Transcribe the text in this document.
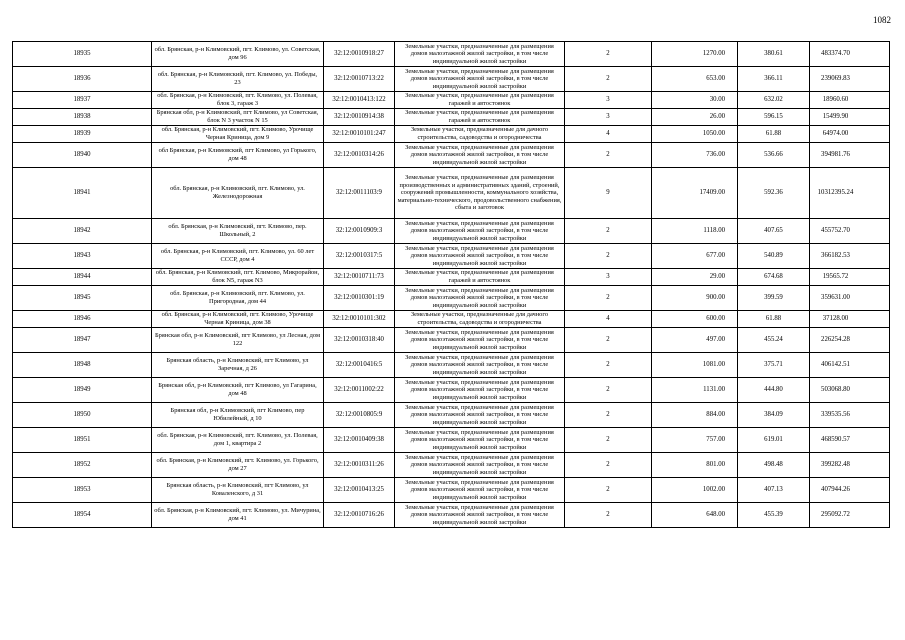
1082
18935	обл. Брянская, р-н Климовский, пгт. Климово, ул. Советская, дом 96	32:12:0010918:27	Земельные участки, предназначенные для размещения домов малоэтажной жилой застройки, в том числе индивидуальной жилой застройки	2	1270.00	380.61	483374.70
18936	обл. Брянская, р-н Климовский, пгт. Климово, ул. Победы, 23	32:12:0010713:22	Земельные участки, предназначенные для размещения домов малоэтажной жилой застройки, в том числе индивидуальной жилой застройки	2	653.00	366.11	239069.83
18937	обл. Брянская, р-н Климовский, пгт. Климово, ул. Полевая, блок 3, гараж 3	32:12:0010413:122	Земельные участки, предназначенные для размещения гаражей и автостоянок	3	30.00	632.02	18960.60
18938	Брянская обл, р-н Климовский, пгт Климово, ул Советская, блок N 3 участок N 15	32:12:0010914:38	Земельные участки, предназначенные для размещения гаражей и автостоянок	3	26.00	596.15	15499.90
18939	обл. Брянская, р-н Климовский, пгт. Климово, Урочище Черная Криница, дом 9	32:12:0010101:247	Земельные участки, предназначенные для дачного строительства, садоводства и огородничества	4	1050.00	61.88	64974.00
18940	обл Брянская, р-н Климовский, пгт Климово, ул Горького, дом 48	32:12:0010314:26	Земельные участки, предназначенные для размещения домов малоэтажной жилой застройки, в том числе индивидуальной жилой застройки	2	736.00	536.66	394981.76
18941	обл. Брянская, р-н Климовский, пгт. Климово, ул. Железнодорожная	32:12:0011103:9	Земельные участки, предназначенные для размещения производственных и административных зданий, строений, сооружений промышленности, коммунального хозяйства, материально-технического, продовольственного снабжения, сбыта и заготовок	9	17409.00	592.36	10312395.24
18942	обл. Брянская, р-н Климовский, пгт. Климово, пер. Школьный, 2	32:12:0010909:3	Земельные участки, предназначенные для размещения домов малоэтажной жилой застройки, в том числе индивидуальной жилой застройки	2	1118.00	407.65	455752.70
18943	обл. Брянская, р-н Климовский, пгт. Климово, ул. 60 лет СССР, дом 4	32:12:0010317:5	Земельные участки, предназначенные для размещения домов малоэтажной жилой застройки, в том числе индивидуальной жилой застройки	2	677.00	540.89	366182.53
18944	обл. Брянская, р-н Климовский, пгт. Климово, Микрорайон, блок N5, гараж N3	32:12:0010711:73	Земельные участки, предназначенные для размещения гаражей и автостоянок	3	29.00	674.68	19565.72
18945	обл. Брянская, р-н Климовский, пгт. Климово, ул. Пригородная, дом 44	32:12:0010301:19	Земельные участки, предназначенные для размещения домов малоэтажной жилой застройки, в том числе индивидуальной жилой застройки	2	900.00	399.59	359631.00
18946	обл. Брянская, р-н Климовский, пгт. Климово, Урочище Черная Криница, дом 38	32:12:0010101:302	Земельные участки, предназначенные для дачного строительства, садоводства и огородничества	4	600.00	61.88	37128.00
18947	Брянская обл, р-н Климовский, пгт Климово, ул Лесная, дом 122	32:12:0010318:40	Земельные участки, предназначенные для размещения домов малоэтажной жилой застройки, в том числе индивидуальной жилой застройки	2	497.00	455.24	226254.28
18948	Брянская область, р-н Климовский, пгт Климово, ул Заречная, д 26	32:12:0010416:5	Земельные участки, предназначенные для размещения домов малоэтажной жилой застройки, в том числе индивидуальной жилой застройки	2	1081.00	375.71	406142.51
18949	Брянская обл, р-н Климовский, пгт Климово, ул Гагарина, дом 48	32:12:0011002:22	Земельные участки, предназначенные для размещения домов малоэтажной жилой застройки, в том числе индивидуальной жилой застройки	2	1131.00	444.80	503068.80
18950	Брянская обл, р-н Климовский, пгт Климово, пер Юбилейный, д 10	32:12:0010805:9	Земельные участки, предназначенные для размещения домов малоэтажной жилой застройки, в том числе индивидуальной жилой застройки	2	884.00	384.09	339535.56
18951	обл. Брянская, р-н Климовский, пгт. Климово, ул. Полевая, дом 1, квартира 2	32:12:0010409:38	Земельные участки, предназначенные для размещения домов малоэтажной жилой застройки, в том числе индивидуальной жилой застройки	2	757.00	619.01	468590.57
18952	обл. Брянская, р-н Климовский, пгт. Климово, ул. Горького, дом 27	32:12:0010311:26	Земельные участки, предназначенные для размещения домов малоэтажной жилой застройки, в том числе индивидуальной жилой застройки	2	801.00	498.48	399282.48
18953	Брянская область, р-н Климовский, пгт Климово, ул Коваленского, д 31	32:12:0010413:25	Земельные участки, предназначенные для размещения домов малоэтажной жилой застройки, в том числе индивидуальной жилой застройки	2	1002.00	407.13	407944.26
18954	обл. Брянская, р-н Климовский, пгт. Климово, ул. Мичурина, дом 41	32:12:0010716:26	Земельные участки, предназначенные для размещения домов малоэтажной жилой застройки, в том числе индивидуальной жилой застройки	2	648.00	455.39	295092.72
